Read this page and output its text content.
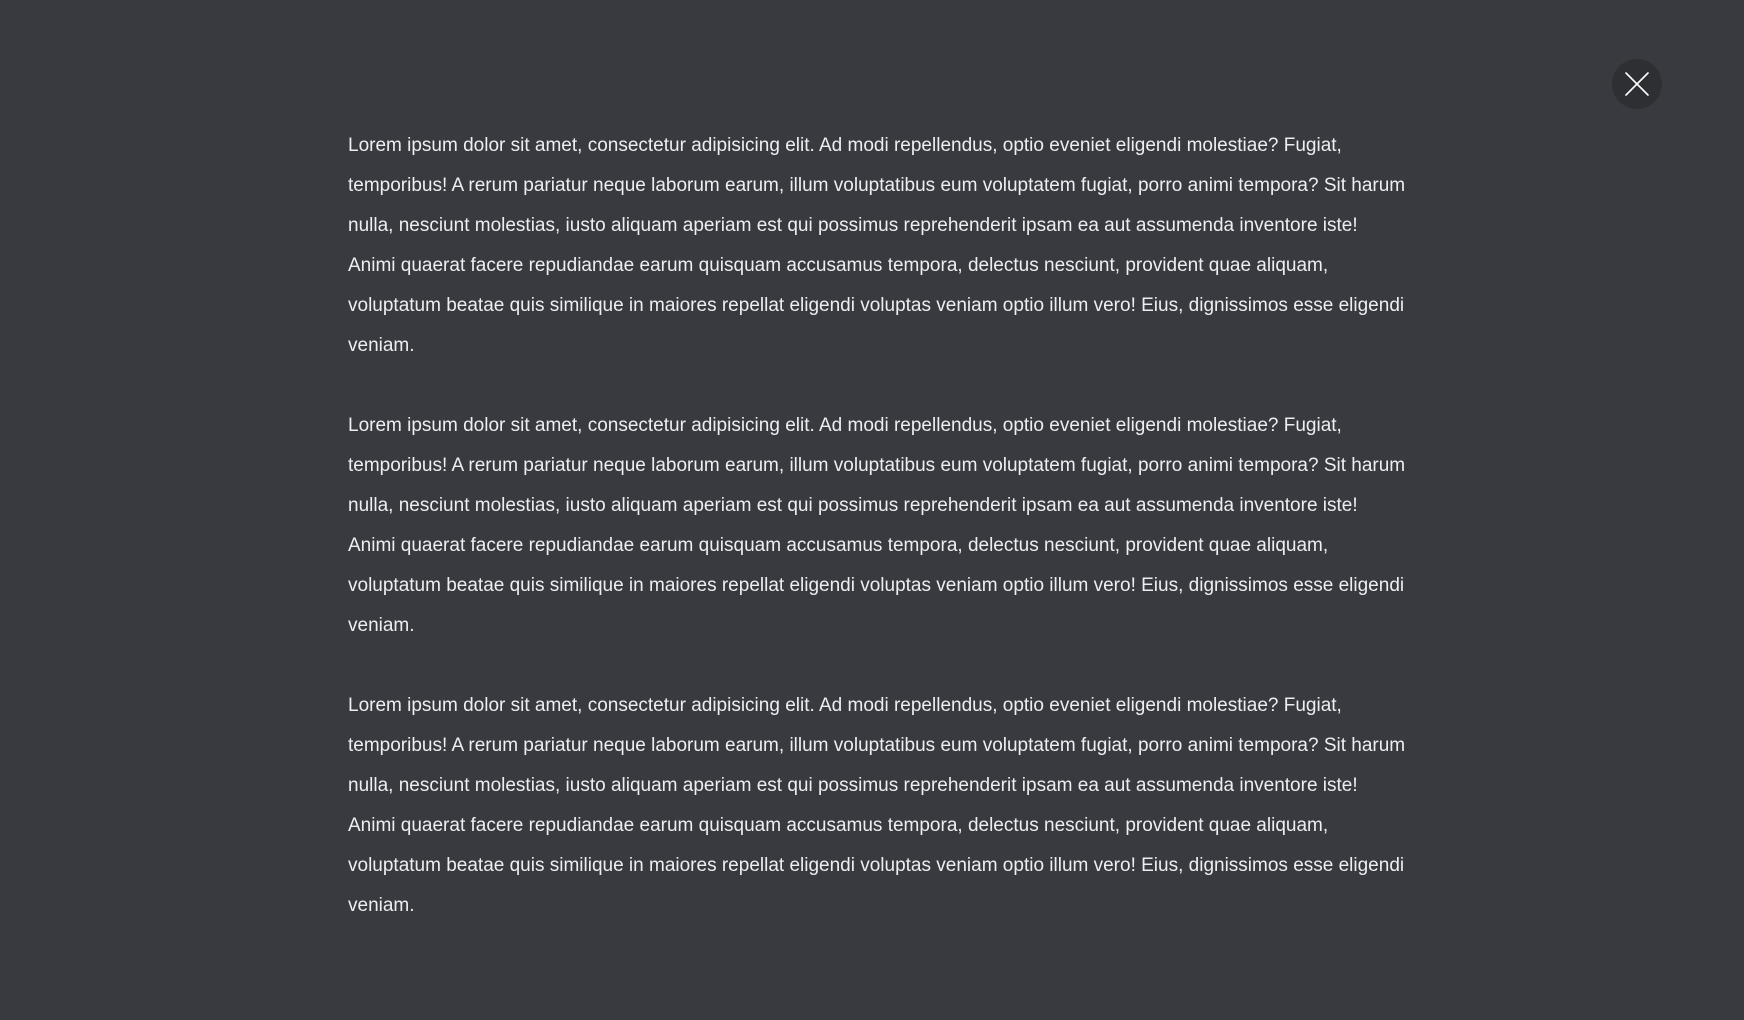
Lorem ipsum dolor sit amet, consectetur adipisicing elit. Ad modi repellendus, optio eveniet eligendi molestiae? Fugiat, temporibus! A rerum pariatur neque laborum earum, illum voluptatibus eum voluptatem fugiat, porro animi tempora? Sit harum nulla, nesciunt molestias, iusto aliquam aperiam est qui possimus reprehenderit ipsam ea aut assumenda inventore iste! Animi quaerat facere repudiandae earum quisquam accusamus tempora, delectus nesciunt, provident quae aliquam, voluptatum beatae quis similique in maiores repellat eligendi voluptas veniam optio illum vero! Eius, dignissimos esse eligendi veniam.

Lorem ipsum dolor sit amet, consectetur adipisicing elit. Ad modi repellendus, optio eveniet eligendi molestiae? Fugiat, temporibus! A rerum pariatur neque laborum earum, illum voluptatibus eum voluptatem fugiat, porro animi tempora? Sit harum nulla, nesciunt molestias, iusto aliquam aperiam est qui possimus reprehenderit ipsam ea aut assumenda inventore iste! Animi quaerat facere repudiandae earum quisquam accusamus tempora, delectus nesciunt, provident quae aliquam, voluptatum beatae quis similique in maiores repellat eligendi voluptas veniam optio illum vero! Eius, dignissimos esse eligendi veniam.

Lorem ipsum dolor sit amet, consectetur adipisicing elit. Ad modi repellendus, optio eveniet eligendi molestiae? Fugiat, temporibus! A rerum pariatur neque laborum earum, illum voluptatibus eum voluptatem fugiat, porro animi tempora? Sit harum nulla, nesciunt molestias, iusto aliquam aperiam est qui possimus reprehenderit ipsam ea aut assumenda inventore iste! Animi quaerat facere repudiandae earum quisquam accusamus tempora, delectus nesciunt, provident quae aliquam, voluptatum beatae quis similique in maiores repellat eligendi voluptas veniam optio illum vero! Eius, dignissimos esse eligendi veniam.
